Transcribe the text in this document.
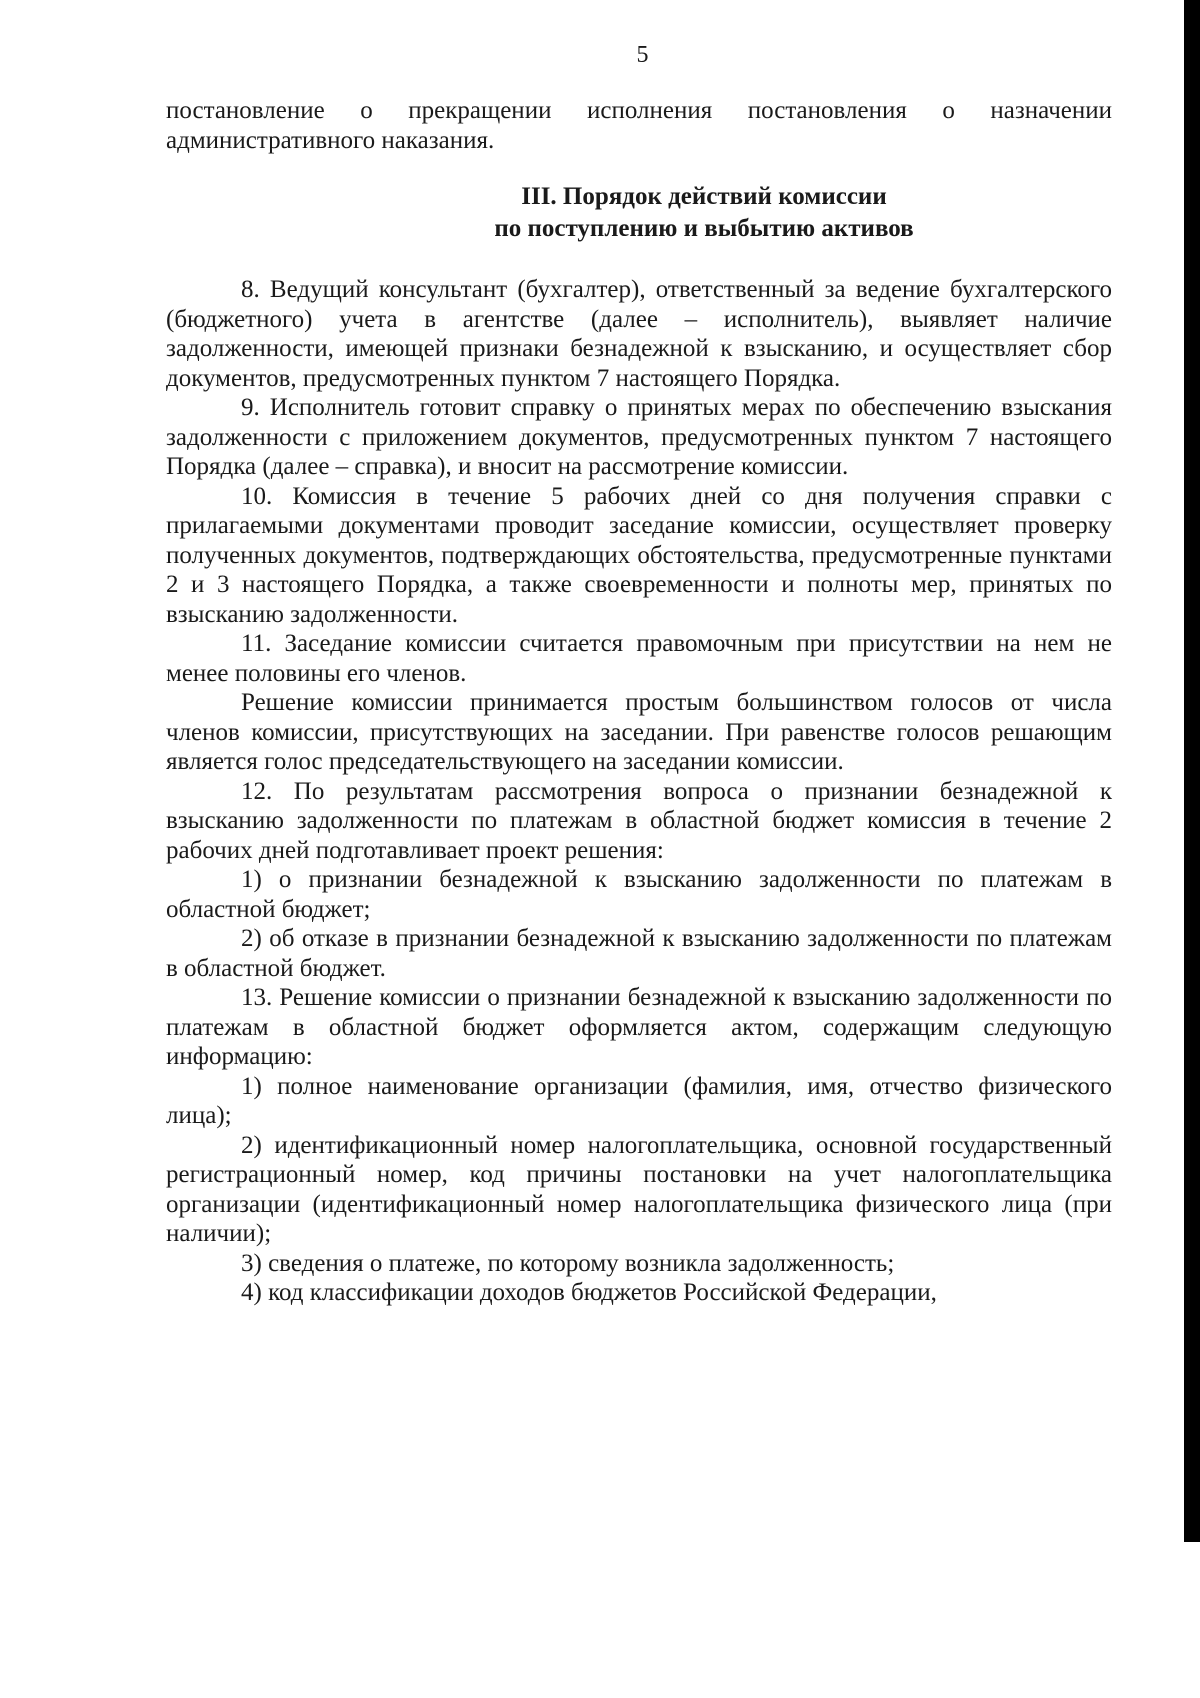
5

постановление о прекращении исполнения постановления о назначении административного наказания.

III. Порядок действий комиссии
по поступлению и выбытию активов

8. Ведущий консультант (бухгалтер), ответственный за ведение бухгалтерского (бюджетного) учета в агентстве (далее – исполнитель), выявляет наличие задолженности, имеющей признаки безнадежной к взысканию, и осуществляет сбор документов, предусмотренных пунктом 7 настоящего Порядка.

9. Исполнитель готовит справку о принятых мерах по обеспечению взыскания задолженности с приложением документов, предусмотренных пунктом 7 настоящего Порядка (далее – справка), и вносит на рассмотрение комиссии.

10. Комиссия в течение 5 рабочих дней со дня получения справки с прилагаемыми документами проводит заседание комиссии, осуществляет проверку полученных документов, подтверждающих обстоятельства, предусмотренные пунктами 2 и 3 настоящего Порядка, а также своевременности и полноты мер, принятых по взысканию задолженности.

11. Заседание комиссии считается правомочным при присутствии на нем не менее половины его членов.

Решение комиссии принимается простым большинством голосов от числа членов комиссии, присутствующих на заседании. При равенстве голосов решающим является голос председательствующего на заседании комиссии.

12. По результатам рассмотрения вопроса о признании безнадежной к взысканию задолженности по платежам в областной бюджет комиссия в течение 2 рабочих дней подготавливает проект решения:

1) о признании безнадежной к взысканию задолженности по платежам в областной бюджет;

2) об отказе в признании безнадежной к взысканию задолженности по платежам в областной бюджет.

13. Решение комиссии о признании безнадежной к взысканию задолженности по платежам в областной бюджет оформляется актом, содержащим следующую информацию:

1) полное наименование организации (фамилия, имя, отчество физического лица);

2) идентификационный номер налогоплательщика, основной государственный регистрационный номер, код причины постановки на учет налогоплательщика организации (идентификационный номер налогоплательщика физического лица (при наличии);

3) сведения о платеже, по которому возникла задолженность;

4) код классификации доходов бюджетов Российской Федерации,
